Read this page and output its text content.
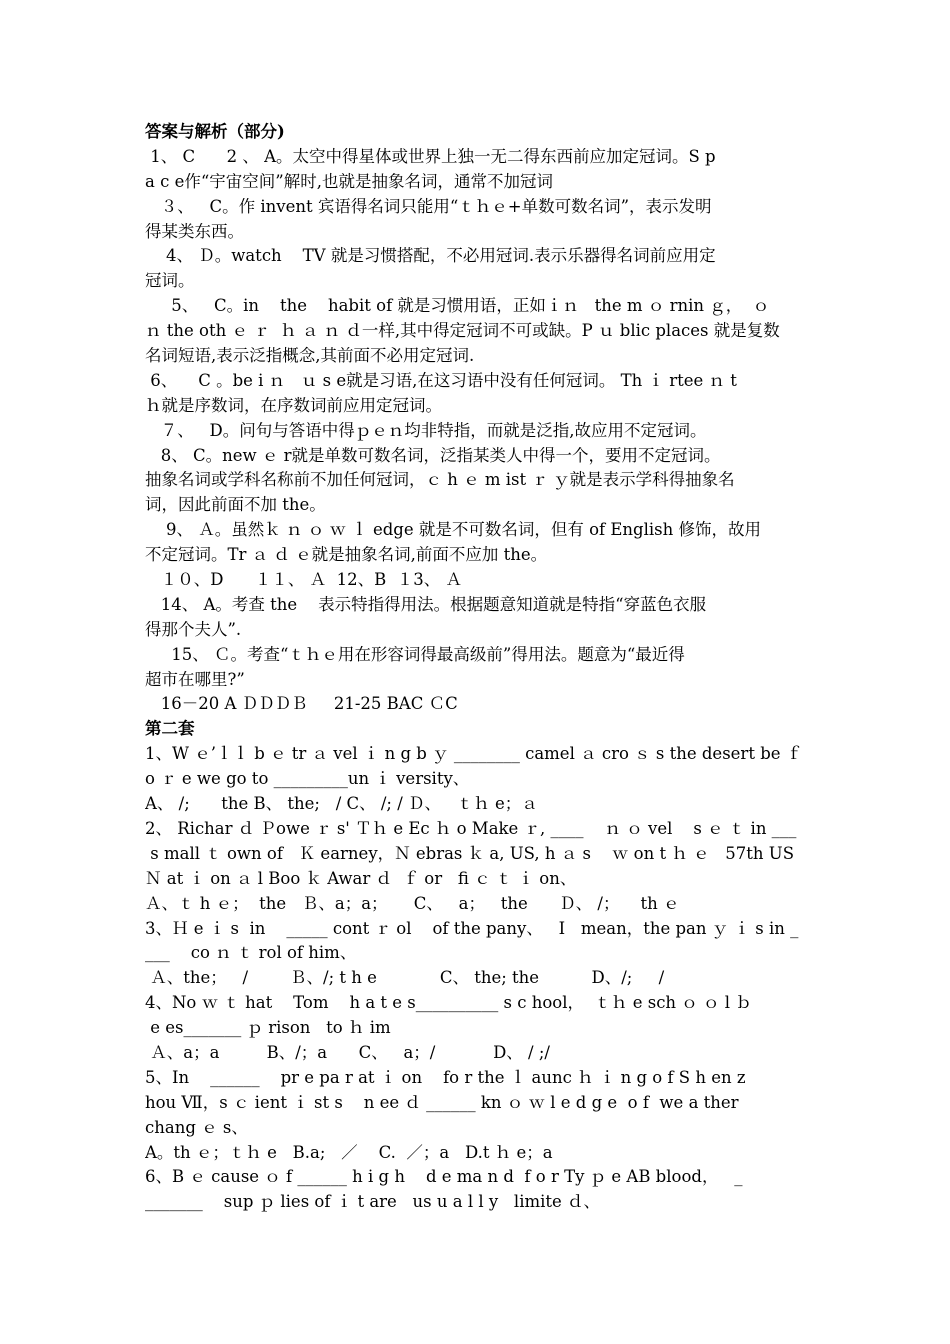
答案与解析（部分)
1、 C      2 、 A。太空中得星体或世界上独一无二得东西前应加定冠词。S p
a c e作“宇宙空间”解时,也就是抽象名词，通常不加冠词
３、   C。作 invent 宾语得名词只能用“ｔｈｅ+单数可数名词”，表示发明
得某类东西。
4、 Ｄ。watch    TV 就是习惯搭配，不必用冠词.表示乐器得名词前应用定
冠词。
5、   C。in    the    habit of 就是习惯用语，正如ｉｎ   the m ｏ rnin ｇ，  ｏ
ｎ the oth ｅ ｒ  ｈ ａ ｎ ｄ一样,其中得定冠词不可或缺。P ｕ blic places 就是复数
名词短语,表示泛指概念,其前面不必用定冠词.
6、    C 。be i ｎ   ｕ s e就是习语,在这习语中没有任何冠词。 Th ｉ rtee ｎ t
ｈ就是序数词，在序数词前应用定冠词。
７、   D。问句与答语中得ｐｅｎ均非特指，而就是泛指,故应用不定冠词。
8、 C。new ｅ r就是单数可数名词，泛指某类人中得一个，要用不定冠词。
抽象名词或学科名称前不加任何冠词，ｃ h ｅ m ist ｒ ｙ就是表示学科得抽象名
词，因此前面不加 the。
9、 Ａ。虽然ｋ ｎ ｏ ｗ ｌ edge 就是不可数名词，但有 of English 修饰，故用
不定冠词。Tr ａ ｄ ｅ就是抽象名词,前面不应加 the。
１０、D      １１、 Ａ  12、B  １3、 Ａ
14、 A。考查 the    表示特指得用法。根据题意知道就是特指“穿蓝色衣服
得那个夫人”.
15、 Ｃ。考查“ｔｈｅ用在形容词得最高级前”得用法。题意为“最近得
超市在哪里?”
16－20 A ＤＤＤＢ     21-25 BAC ＣC
第二套
1、W ｅ’ｌｌ b ｅ tr ａ vel ｉ n g b ｙ ________ camel ａ cro ｓ s the desert be ｆ
o ｒ e we go to _________un ｉ versity、
A、 /;      the B、 the;   / C、 /; / Ｄ、   ｔｈ e；ａ
2、 Richar ｄ Ｐowe ｒ s' Ｔｈ e Ec ｈ o Make ｒ, ____    ｎ ｏ vel    s ｅ ｔ in ___
s mall ｔ own of   Ｋ earney，Ｎ ebras ｋ a, US, h ａ s    ｗ on t ｈ ｅ   57th US
Ｎ at ｉ on ａ l Boo ｋ Awar ｄ  ｆ or   fi ｃ ｔ ｉ on、
Ａ、ｔ h ｅ；  the   Ｂ、a；a；     C、   a；   the      Ｄ、 /；    th ｅ
3、Ｈ e ｉ s  in    _____ cont ｒ ol    of the pany、   I   mean，the pan ｙ ｉ s in _
___    co ｎ ｔ rol of him、
Ａ、the；   /        Ｂ、/; t h e            C、 the; the          D、/;     /
4、No ｗ ｔ hat    Tom    h a t e s__________ s c hool，  ｔｈ e sch ｏ ｏ l ｂ
e es_______ ｐ rison   to ｈ im
Ａ、a；a         B、/；a      C、   a；/           D、 / ;/
5、In    ______    pr e pa r at ｉ on    fo r the ｌ aunc ｈ ｉ n g o f S h en z
hou Ⅶ，s ｃ ient ｉ st s    n ee ｄ ______ kn ｏ ｗ l e d g e  o f  we a ther
chang ｅ s、
A。th ｅ；ｔｈ e   B.a;   ／    C.  ／；a   D.t ｈ e；a
6、B ｅ cause ｏ f ______ h i g h    d e ma n d  f o r Ty ｐ e AB blood，   _
_______    sup ｐ lies of ｉ t are   us u a l l y   limite ｄ、
